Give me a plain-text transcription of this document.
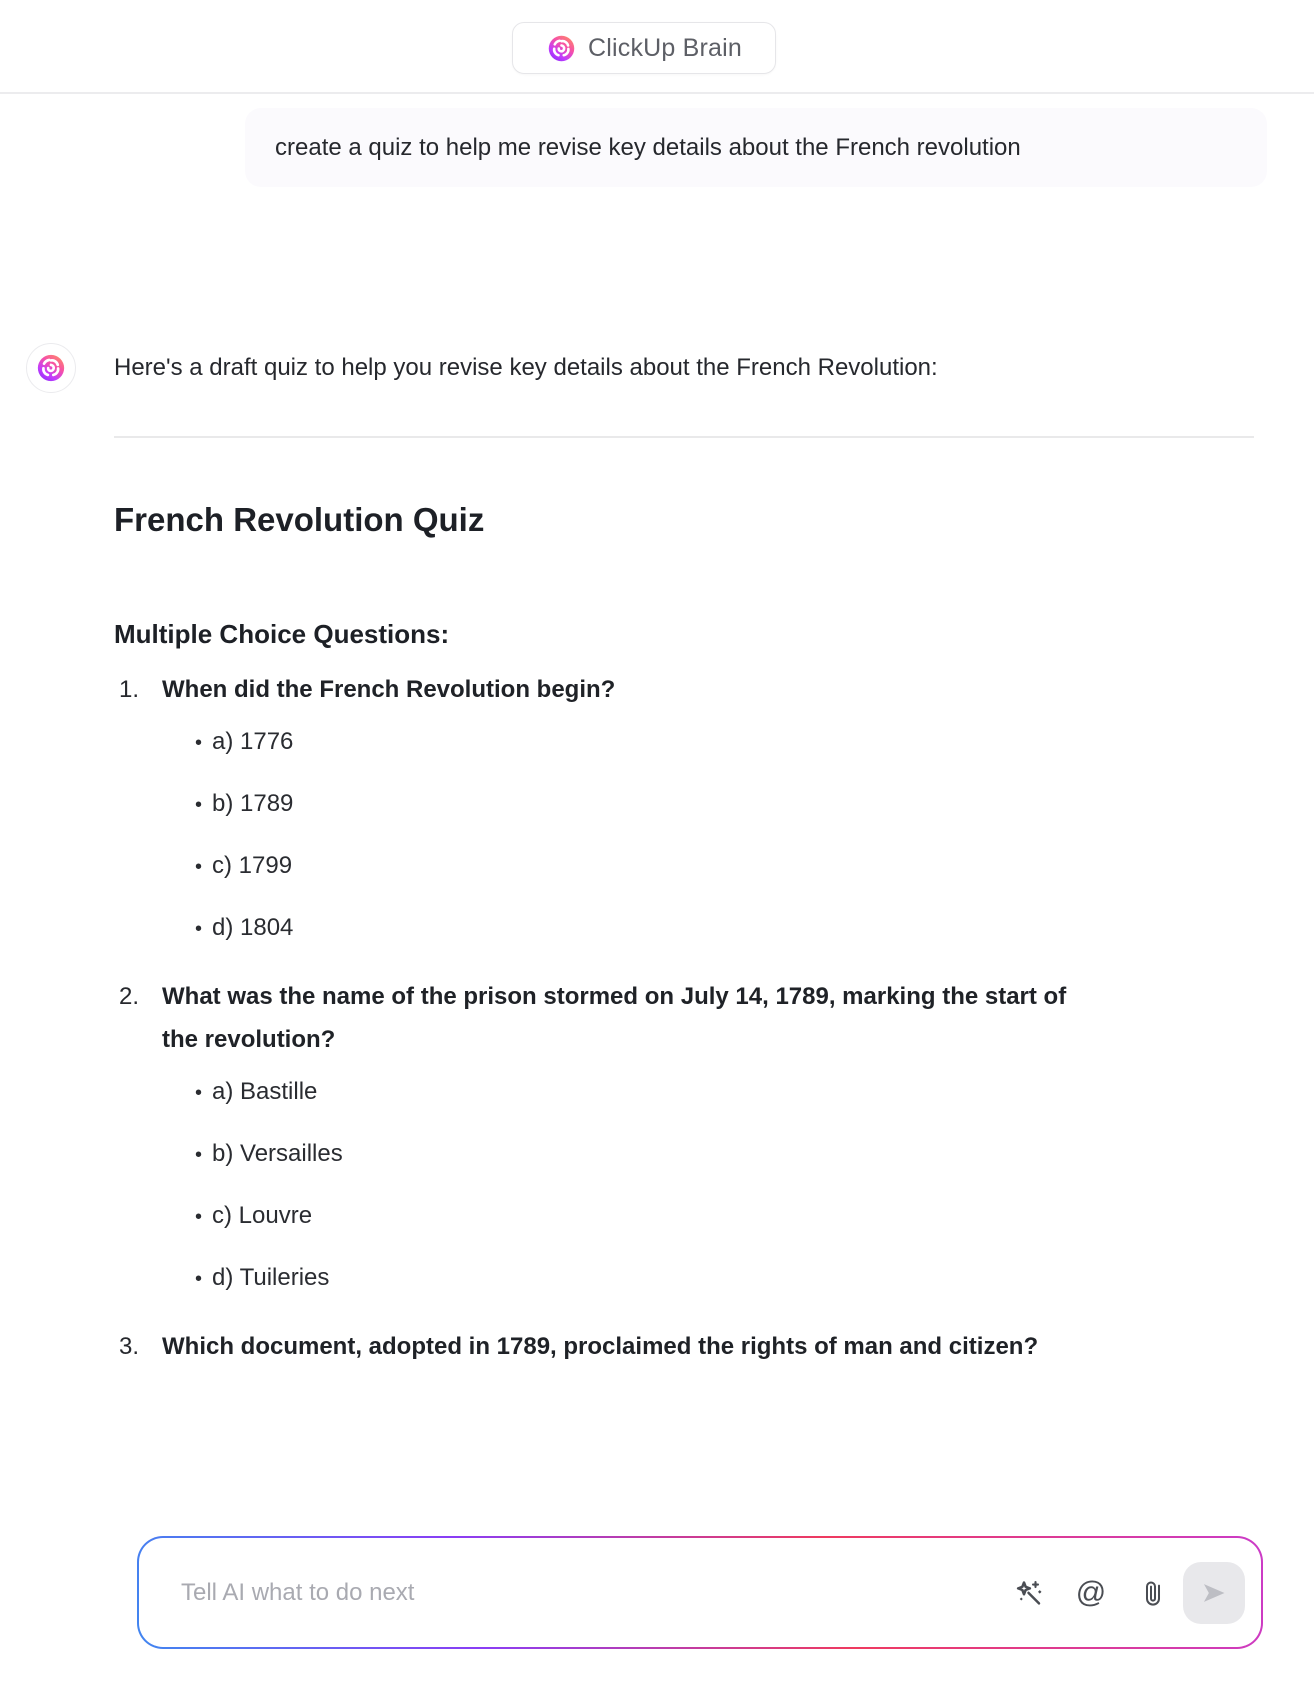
ClickUp Brain

create a quiz to help me revise key details about the French revolution

Here's a draft quiz to help you revise key details about the French Revolution:

French Revolution Quiz
Multiple Choice Questions:
1. When did the French Revolution begin?
• a) 1776
• b) 1789
• c) 1799
• d) 1804
2. What was the name of the prison stormed on July 14, 1789, marking the start of the revolution?
• a) Bastille
• b) Versailles
• c) Louvre
• d) Tuileries
3. Which document, adopted in 1789, proclaimed the rights of man and citizen?
Tell AI what to do next
@
